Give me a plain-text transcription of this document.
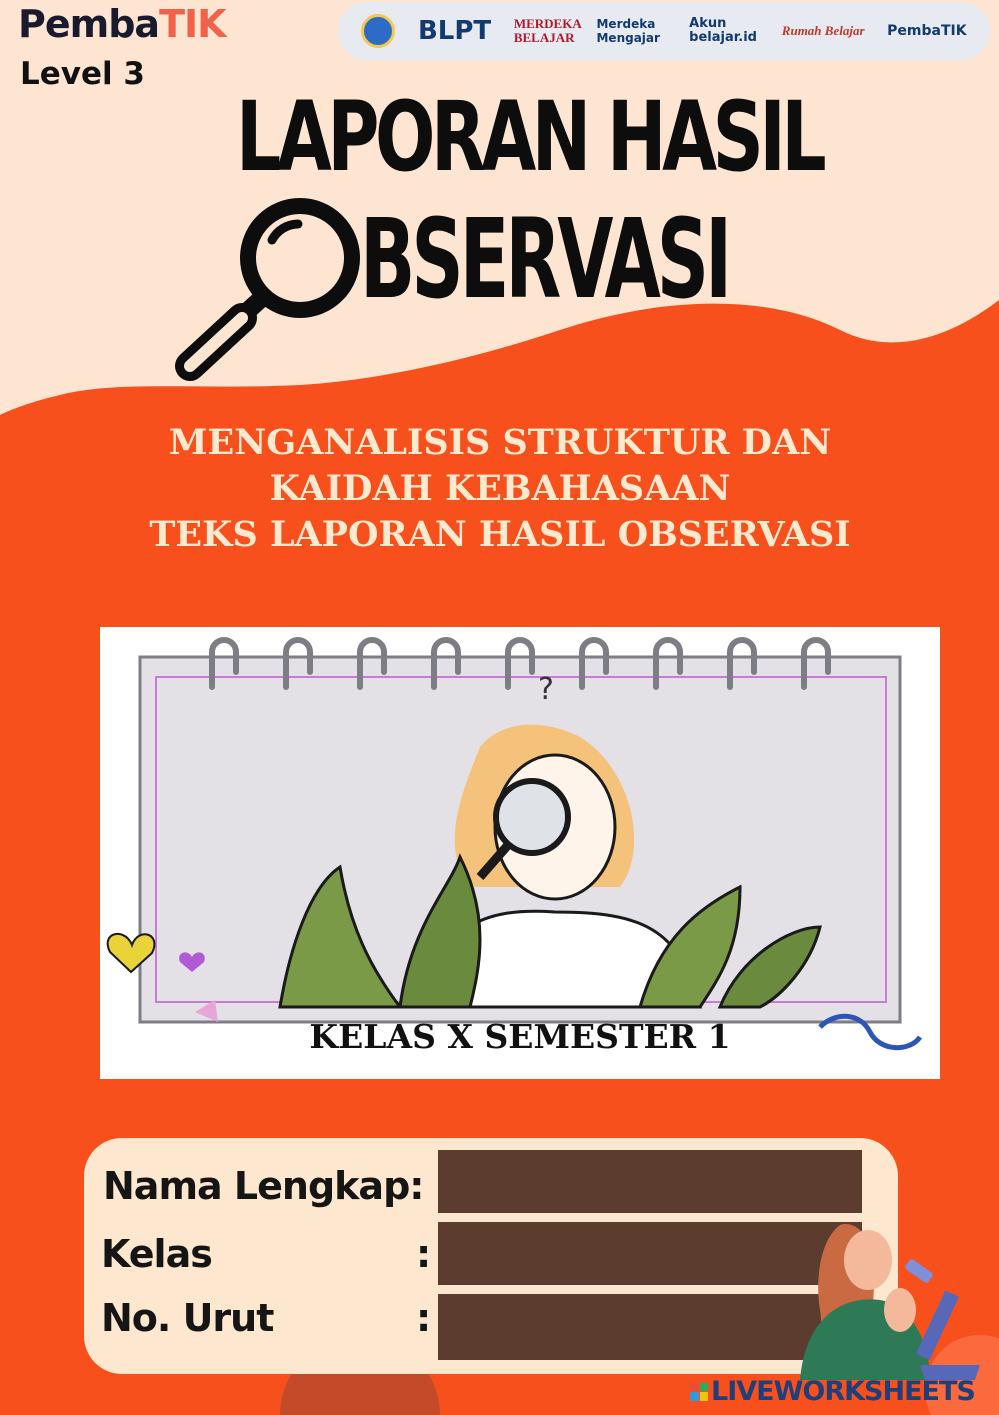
PembaTIK
Level 3
BLPT MERDEKA BELAJAR
Merdeka Mengajar
Akun belajar.id Rumah Belajar PembaTIK
LAPORAN HASIL
BSERVASI
MENGANALISIS STRUKTUR DAN
KAIDAH KEBAHASAAN
TEKS LAPORAN HASIL OBSERVASI
?
KELAS X SEMESTER 1
Nama Lengkap:
Kelas	:
No. Urut	:
LIVEWORKSHEETS
